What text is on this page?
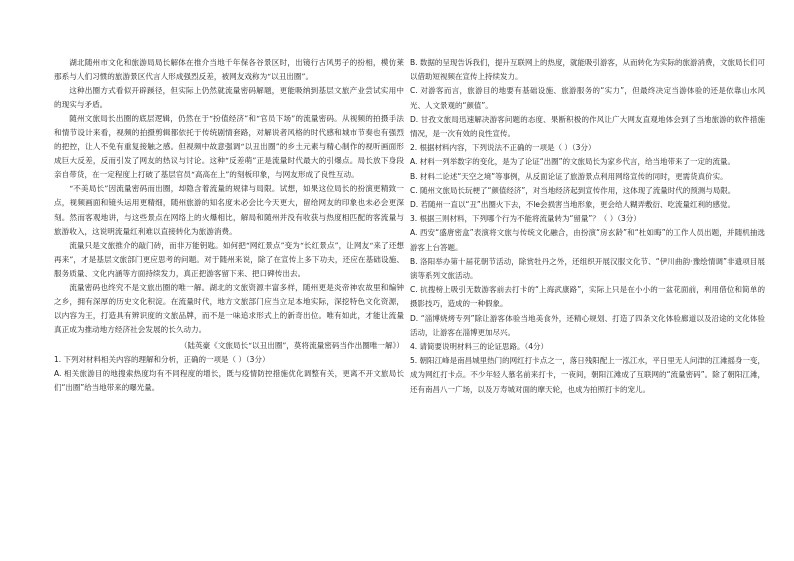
湖北随州市文化和旅游局局长解体在推介当地千年保各谷景区时，出镜行古风男子的扮相，模仿莱那系与人们习惯的旅游景区代言人形成强烈反差，被网友戏称为“以丑出圈”。

这种出圈方式看似开辟蹊径，但实际上仍然就流量密码解题，更能吸纳到基层文旅产业尝试实用中的现实与矛盾。

随州文旅局长出圈的底层逻辑，仍然在于“扮值经济”和“官员下场”的流量密码。从视频的拍摄手法和情节设计来看，视频的拍摄剪辑都依托于传统剧情套路，对解说者风格的时代感和城市节奏也有强烈的把控，让人不免有重复接触之感。但视频中故意强调“以丑出圈”的乡土元素与精心制作的视听画面形成巨大反差，反而引发了网友的热议与讨论。这种“反差萌”正是流量时代最大的引爆点。局长放下身段亲自带货，在一定程度上打破了基层官员“高高在上”的刻板印象，与网友形成了良性互动。

“不美局长”因流量密码而出圈，却隐含着流量的规律与局限。试想，如果这位局长的扮演更精致一点，视频画面和镜头运用更精细，随州旅游的知名度未必会比今天更大，留给网友的印象也未必会更深刻。然而客观地讲，与这些景点在网络上的火爆相比，解局和随州并没有收获与热度相匹配的客流量与旅游收入，这说明流量红利难以直接转化为旅游消费。

流量只是文旅推介的敲门砖，而非万能钥匙。如何把“网红景点”变为“长红景点”，让网友“来了还想再来”，才是基层文旅部门更应思考的问题。对于随州来说，除了在宣传上多下功夫，还应在基础设施、服务质量、文化内涵等方面持续发力，真正把游客留下来、把口碑传出去。

流量密码也终究不是文旅出圈的唯一解。湖北的文旅资源丰富多样，随州更是炎帝神农故里和编钟之乡，拥有深厚的历史文化积淀。在流量时代，地方文旅部门应当立足本地实际，深挖特色文化资源，以内容为王，打造具有辨识度的文旅品牌，而不是一味追求形式上的新奇出位。唯有如此，才能让流量真正成为推动地方经济社会发展的长久动力。

（陆英豪《文旅局长“以丑出圈”，莫将流量密码当作出圈唯一解》）

1. 下列对材料相关内容的理解和分析，正确的一项是（ ）（3分）
A. 相关旅游目的地搜索热度均有不同程度的增长，既与疫情防控措施优化调整有关，更离不开文旅局长们“出圈”给当地带来的曝光量。
B. 数据的呈现告诉我们，提升互联网上的热度，就能吸引游客，从而转化为实际的旅游消费，文旅局长们可以借助短视频在宣传上持续发力。
C. 对游客而言，旅游目的地要有基础设施、旅游服务的“实力”，但最终决定当游体验的还是依靠山水风光、人文景观的“颜值”。
D. 甘孜文旅局迅速解决游客问题的态度、果断积极的作风让广大网友直观地体会到了当地旅游的软件措施情况，是一次有效的良性宣传。
2. 根据材料内容，下列说法不正确的一项是（ ）（3分）
A. 材料一列举数字的变化，是为了论证“出圈”的文旅局长为家乡代言，给当地带来了一定的流量。
B. 材料二论述“天空之境”等事例，从反面论证了旅游景点利用网络宣传的同时，更需货真价实。
C. 随州文旅局长玩梗了“颜值经济”，对当地经济起到宣传作用，这体现了流量时代的预测与局限。
D. 若随州一直以“丑”出圈火下去，不le会损害当地形象，更会给人糊弄敷衍、吃流量红利的感觉。
3. 根据三则材料，下列哪个行为不能将流量转为“留量”？（ ）（3分）
A. 西安“盛唐密盒”表演将文旅与传统文化融合，由扮演“房玄龄”和“杜如晦”的工作人员出题，并随机抽选游客上台答题。
B. 洛阳举办第十届花朝节活动，除赏牡丹之外，还组织开展汉服文化节、“伊川曲韵·豫绘情调”非遗项目展演等系列文旅活动。
C. 抗搜榜上吸引无数游客前去打卡的“上海武康路”，实际上只是在小小的一盆花面前，利用借位和简单的摄影技巧，造成的一种假象。
D. “淄博烧烤专列”除让游客体验当地美食外，还精心规划、打造了四条文化体验廊道以及沿途的文化体验活动，让游客在淄博更加尽兴。
4. 请简要说明材料三的论证思路。（4分）
5. 朝阳江峰是南昌城里热门的网红打卡点之一，落日残阳配上一泓江水，平日里无人问津的江滩摇身一变，成为网红打卡点。不少年轻人慕名前来打卡，一夜间，朝阳江滩成了互联网的“流量密码”。除了朝阳江滩，还有南昌八一广场，以及万寿城对面的摩天轮，也成为拍照打卡的宠儿。
